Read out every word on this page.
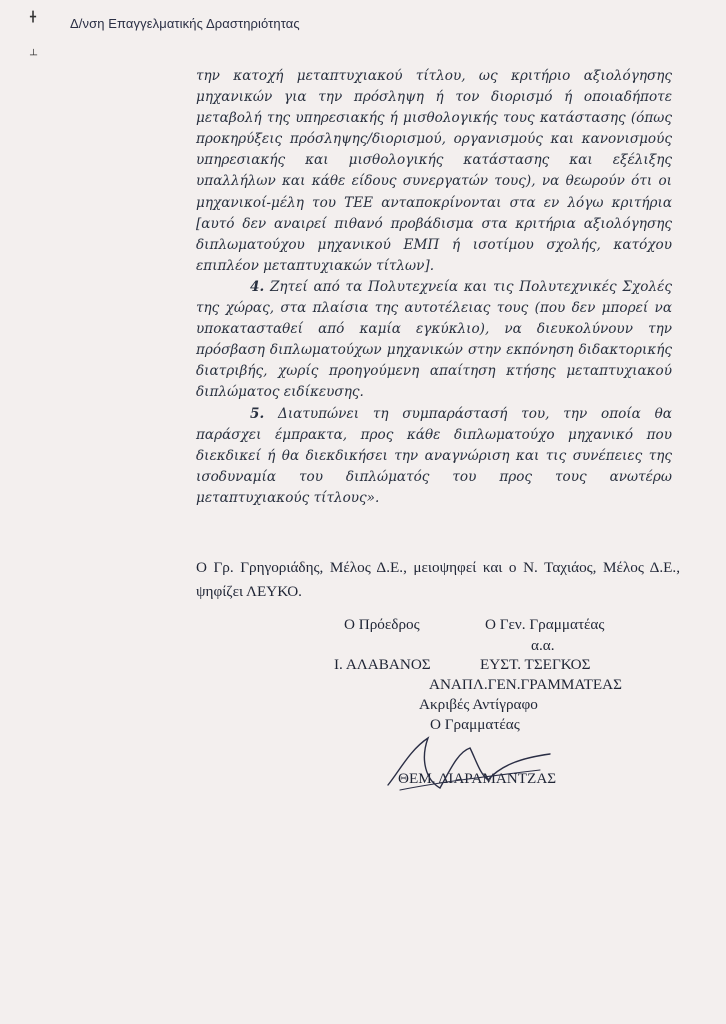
╋
┴
Δ/νση Επαγγελματικής Δραστηριότητας

την κατοχή μεταπτυχιακού τίτλου, ως κριτήριο αξιολόγησης μηχανικών για την πρόσληψη ή τον διορισμό ή οποιαδήποτε μεταβολή της υπηρεσιακής ή μισθολογικής τους κατάστασης (όπως προκηρύξεις πρόσληψης/διορισμού, οργανισμούς και κανονισμούς υπηρεσιακής και μισθολογικής κατάστασης και εξέλιξης υπαλλήλων και κάθε είδους συνεργατών τους), να θεωρούν ότι οι μηχανικοί-μέλη του ΤΕΕ ανταποκρίνονται στα εν λόγω κριτήρια [αυτό δεν αναιρεί πιθανό προβάδισμα στα κριτήρια αξιολόγησης διπλωματούχου μηχανικού ΕΜΠ ή ισοτίμου σχολής, κατόχου επιπλέον μεταπτυχιακών τίτλων].

4. Ζητεί από τα Πολυτεχνεία και τις Πολυτεχνικές Σχολές της χώρας, στα πλαίσια της αυτοτέλειας τους (που δεν μπορεί να υποκατασταθεί από καμία εγκύκλιο), να διευκολύνουν την πρόσβαση διπλωματούχων μηχανικών στην εκπόνηση διδακτορικής διατριβής, χωρίς προηγούμενη απαίτηση κτήσης μεταπτυχιακού διπλώματος ειδίκευσης.

5. Διατυπώνει τη συμπαράστασή του, την οποία θα παράσχει έμπρακτα, προς κάθε διπλωματούχο μηχανικό που διεκδικεί ή θα διεκδικήσει την αναγνώριση και τις συνέπειες της ισοδυναμία του διπλώματός του προς τους ανωτέρω μεταπτυχιακούς τίτλους».

Ο Γρ. Γρηγοριάδης, Μέλος Δ.Ε., μειοψηφεί και ο Ν. Ταχιάος, Μέλος Δ.Ε., ψηφίζει ΛΕΥΚΟ.
Ο Πρόεδρος	Ο Γεν. Γραμματέας
α.α.
Ι. ΑΛΑΒΑΝΟΣ	ΕΥΣΤ. ΤΣΕΓΚΟΣ
ΑΝΑΠΛ.ΓΕΝ.ΓΡΑΜΜΑΤΕΑΣ
Ακριβές Αντίγραφο
Ο Γραμματέας
ΘΕΜ. ΔΙΑΡΑΜΑΝΤΖΑΣ
